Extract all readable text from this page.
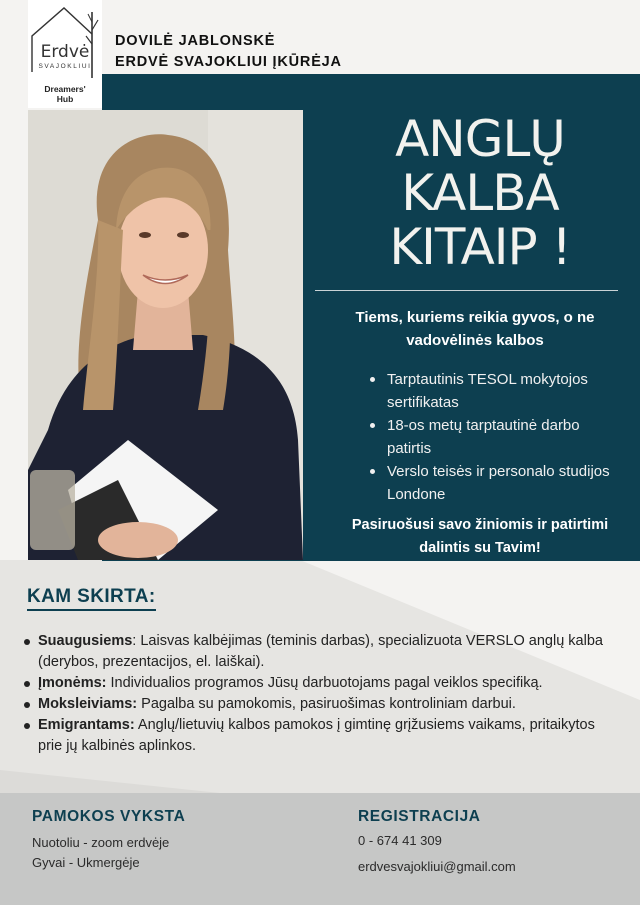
Erdvė
SVAJOKLIUI
Dreamers'
Hub
DOVILĖ JABLONSKĖ
ERDVĖ SVAJOKLIUI ĮKŪRĖJA
ANGLŲ
KALBA
KITAIP !
Tiems, kuriems reikia gyvos, o ne vadovėlinės kalbos
Tarptautinis TESOL mokytojos sertifikatas
18-os metų tarptautinė darbo patirtis
Verslo teisės ir personalo studijos Londone
Pasiruošusi savo žiniomis ir patirtimi dalintis su Tavim!
KAM SKIRTA:
Suaugusiems: Laisvas kalbėjimas (teminis darbas), specializuota VERSLO anglų kalba (derybos, prezentacijos, el. laiškai).
Įmonėms: Individualios programos Jūsų darbuotojams pagal veiklos specifiką.
Moksleiviams: Pagalba su pamokomis, pasiruošimas kontroliniam darbui.
Emigrantams: Anglų/lietuvių kalbos pamokos į gimtinę grįžusiems vaikams, pritaikytos prie jų kalbinės aplinkos.
PAMOKOS VYKSTA
Nuotoliu - zoom erdvėje
Gyvai - Ukmergėje
REGISTRACIJA
0 - 674 41 309
erdvesvajokliui@gmail.com
